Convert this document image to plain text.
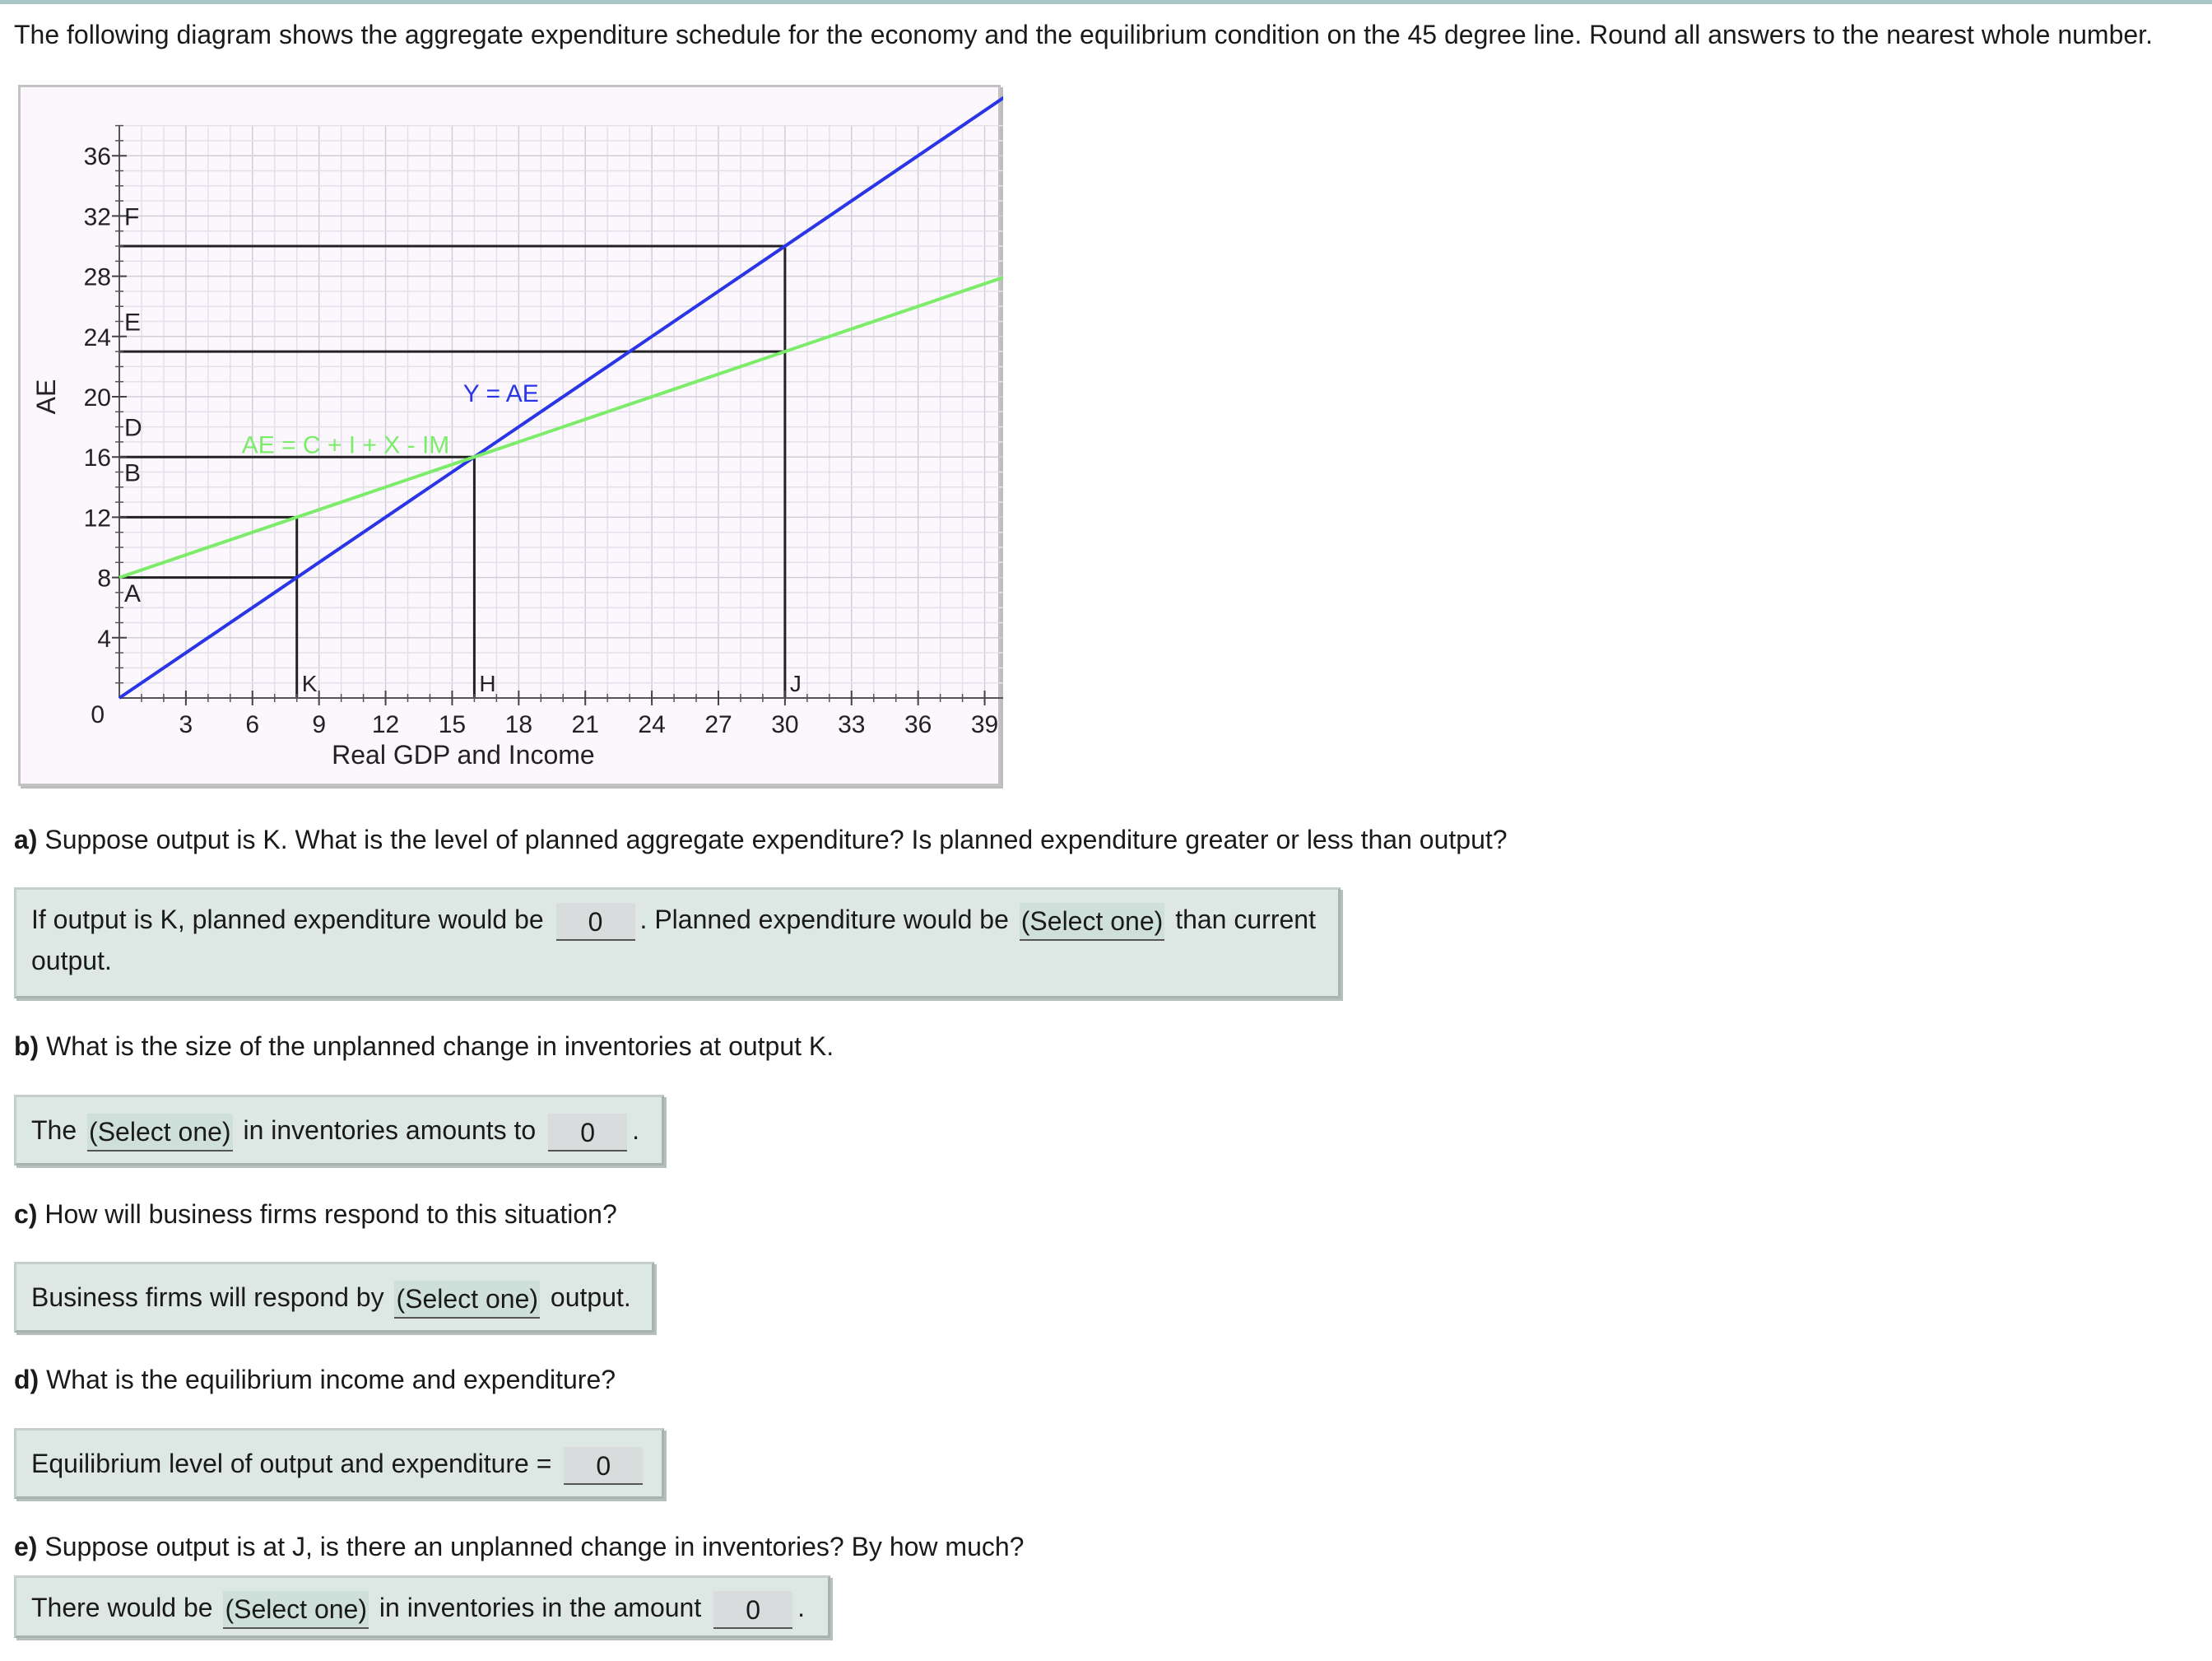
The following diagram shows the aggregate expenditure schedule for the economy and the equilibrium condition on the 45 degree line. Round all answers to the nearest whole number.
K	H	J
3 6 9 12 15 18 21 24 27 30 33 36 39
4
8
12
16
20
24
28
32
36
0
Y = AE
AE = C + I + X - IM
A
B
D
E
F
Real GDP and Income
AE
a) Suppose output is K. What is the level of planned aggregate expenditure? Is planned expenditure greater or less than output?
If output is K, planned expenditure would be 0 . Planned expenditure would be (Select one) than current
output.
b) What is the size of the unplanned change in inventories at output K.
The (Select one) in inventories amounts to 0 .
c) How will business firms respond to this situation?
Business firms will respond by (Select one) output.
d) What is the equilibrium income and expenditure?
Equilibrium level of output and expenditure = 0
e) Suppose output is at J, is there an unplanned change in inventories? By how much?
There would be (Select one) in inventories in the amount 0 .
